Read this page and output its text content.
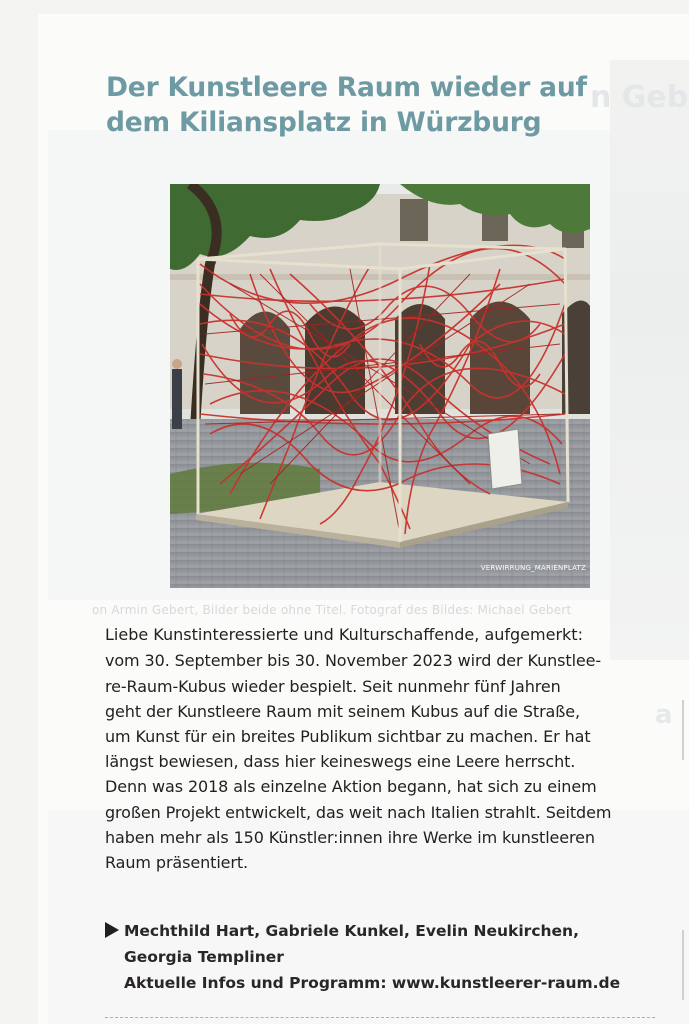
n Geb
a
on Armin Gebert, Bilder beide ohne Titel. Fotograf des Bildes: Michael Gebert
Der Kunstleere Raum wieder auf
dem Kiliansplatz in Würzburg
VERWIRRUNG_MARIENPLATZ
Liebe Kunstinteressierte und Kulturschaffende, aufgemerkt:
vom 30. September bis 30. November 2023 wird der Kunstlee-
re-Raum-Kubus wieder bespielt. Seit nunmehr fünf Jahren
geht der Kunstleere Raum mit seinem Kubus auf die Straße,
um Kunst für ein breites Publikum sichtbar zu machen. Er hat
längst bewiesen, dass hier keineswegs eine Leere herrscht.
Denn was 2018 als einzelne Aktion begann, hat sich zu einem
großen Projekt entwickelt, das weit nach Italien strahlt. Seitdem
haben mehr als 150 Künstler:innen ihre Werke im kunstleeren
Raum präsentiert.
Mechthild Hart, Gabriele Kunkel, Evelin Neukirchen,
Georgia Templiner
Aktuelle Infos und Programm: www.kunstleerer-raum.de
